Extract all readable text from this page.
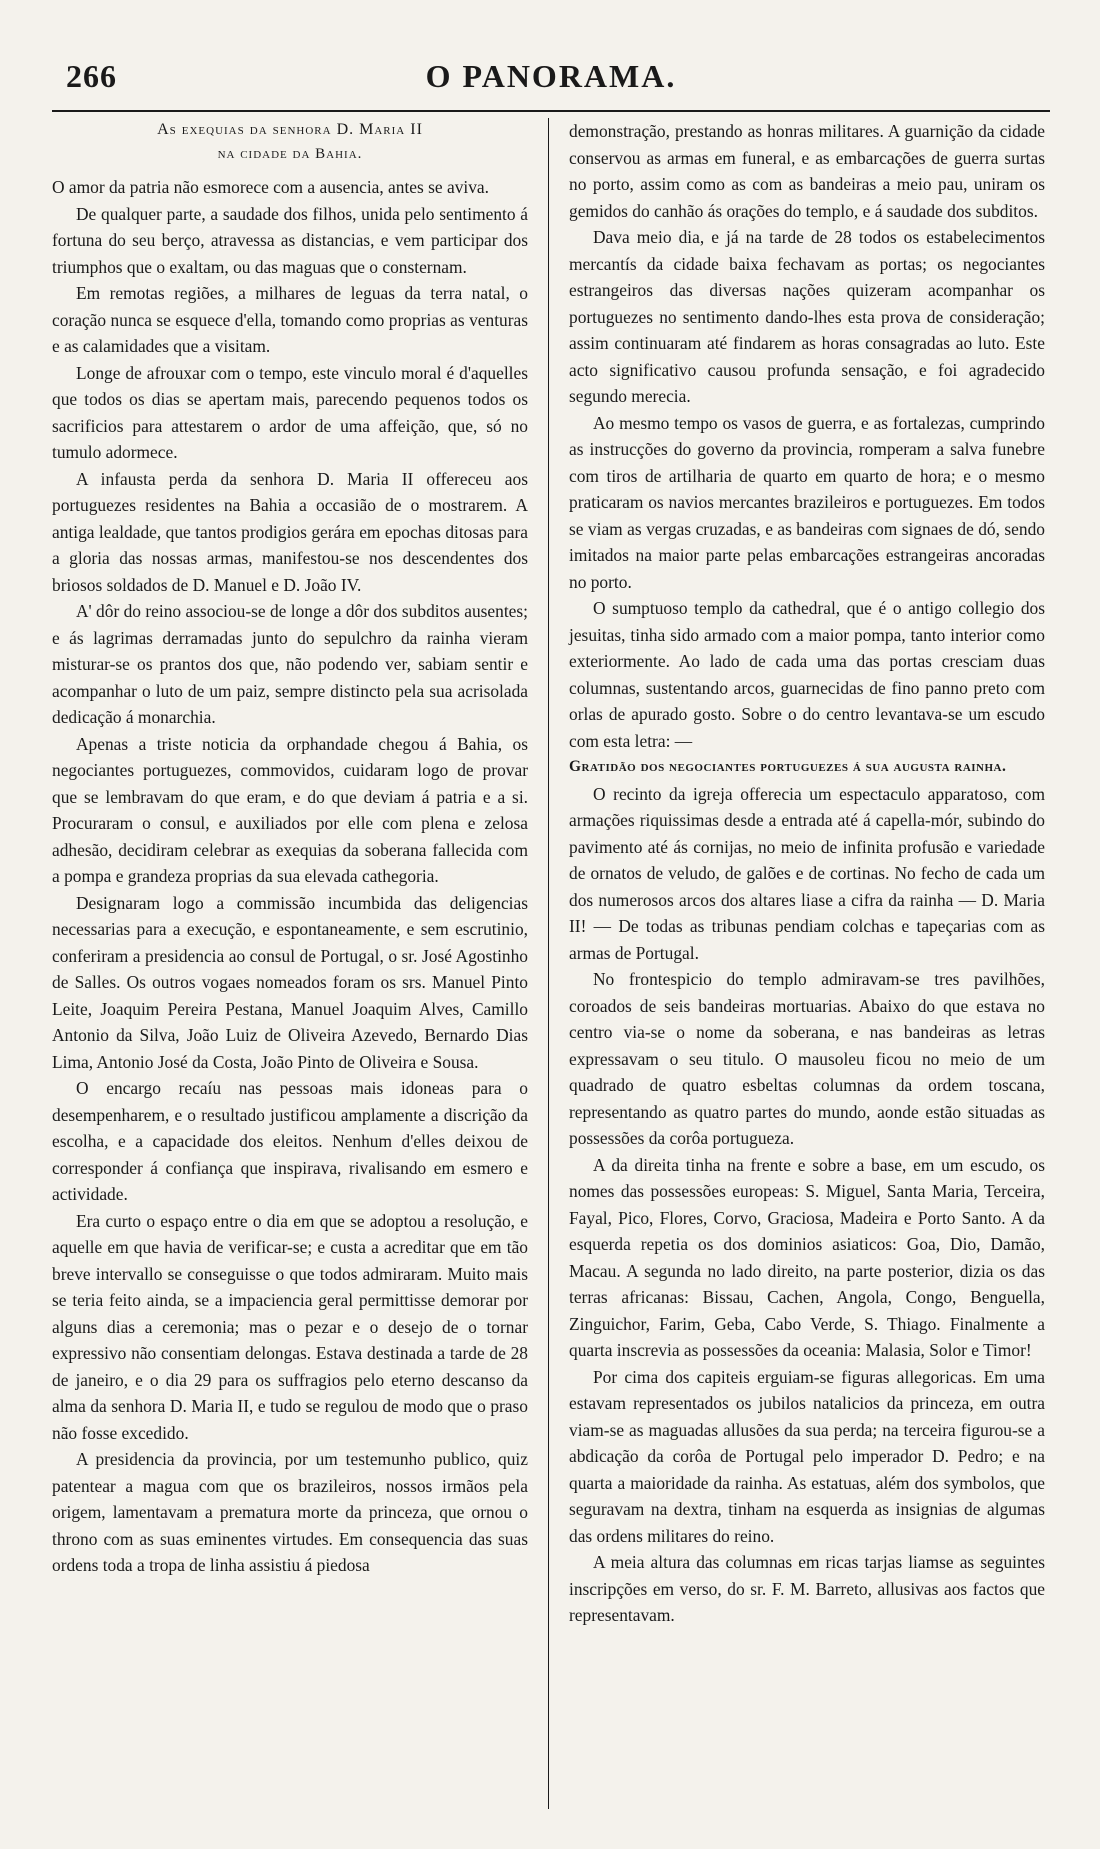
266	O PANORAMA.
As exequias da senhora D. Maria II
na cidade da Bahia.

O amor da patria não esmorece com a ausencia, antes se aviva.

De qualquer parte, a saudade dos filhos, unida pelo sentimento á fortuna do seu berço, atravessa as distancias, e vem participar dos triumphos que o exaltam, ou das maguas que o consternam.

Em remotas regiões, a milhares de leguas da terra natal, o coração nunca se esquece d'ella, tomando como proprias as venturas e as calamidades que a visitam.

Longe de afrouxar com o tempo, este vinculo moral é d'aquelles que todos os dias se apertam mais, parecendo pequenos todos os sacrificios para attestarem o ardor de uma affeição, que, só no tumulo adormece.

A infausta perda da senhora D. Maria II offereceu aos portuguezes residentes na Bahia a occasião de o mostrarem. A antiga lealdade, que tantos prodigios gerára em epochas ditosas para a gloria das nossas armas, manifestou-se nos descendentes dos briosos soldados de D. Manuel e D. João IV.

A' dôr do reino associou-se de longe a dôr dos subditos ausentes; e ás lagrimas derramadas junto do sepulchro da rainha vieram misturar-se os prantos dos que, não podendo ver, sabiam sentir e acompanhar o luto de um paiz, sempre distincto pela sua acrisolada dedicação á monarchia.

Apenas a triste noticia da orphandade chegou á Bahia, os negociantes portuguezes, commovidos, cuidaram logo de provar que se lembravam do que eram, e do que deviam á patria e a si. Procuraram o consul, e auxiliados por elle com plena e zelosa adhesão, decidiram celebrar as exequias da soberana fallecida com a pompa e grandeza proprias da sua elevada cathegoria.

Designaram logo a commissão incumbida das deligencias necessarias para a execução, e espontaneamente, e sem escrutinio, conferiram a presidencia ao consul de Portugal, o sr. José Agostinho de Salles. Os outros vogaes nomeados foram os srs. Manuel Pinto Leite, Joaquim Pereira Pestana, Manuel Joaquim Alves, Camillo Antonio da Silva, João Luiz de Oliveira Azevedo, Bernardo Dias Lima, Antonio José da Costa, João Pinto de Oliveira e Sousa.

O encargo recaíu nas pessoas mais idoneas para o desempenharem, e o resultado justificou amplamente a discrição da escolha, e a capacidade dos eleitos. Nenhum d'elles deixou de corresponder á confiança que inspirava, rivalisando em esmero e actividade.

Era curto o espaço entre o dia em que se adoptou a resolução, e aquelle em que havia de verificar-se; e custa a acreditar que em tão breve intervallo se conseguisse o que todos admiraram. Muito mais se teria feito ainda, se a impaciencia geral permittisse demorar por alguns dias a ceremonia; mas o pezar e o desejo de o tornar expressivo não consentiam delongas. Estava destinada a tarde de 28 de janeiro, e o dia 29 para os suffragios pelo eterno descanso da alma da senhora D. Maria II, e tudo se regulou de modo que o praso não fosse excedido.

A presidencia da provincia, por um testemunho publico, quiz patentear a magua com que os brazileiros, nossos irmãos pela origem, lamentavam a prematura morte da princeza, que ornou o throno com as suas eminentes virtudes. Em consequencia das suas ordens toda a tropa de linha assistiu á piedosa

demonstração, prestando as honras militares. A guarnição da cidade conservou as armas em funeral, e as embarcações de guerra surtas no porto, assim como as com as bandeiras a meio pau, uniram os gemidos do canhão ás orações do templo, e á saudade dos subditos.

Dava meio dia, e já na tarde de 28 todos os estabelecimentos mercantís da cidade baixa fechavam as portas; os negociantes estrangeiros das diversas nações quizeram acompanhar os portuguezes no sentimento dando-lhes esta prova de consideração; assim continuaram até findarem as horas consagradas ao luto. Este acto significativo causou profunda sensação, e foi agradecido segundo merecia.

Ao mesmo tempo os vasos de guerra, e as fortalezas, cumprindo as instrucções do governo da provincia, romperam a salva funebre com tiros de artilharia de quarto em quarto de hora; e o mesmo praticaram os navios mercantes brazileiros e portuguezes. Em todos se viam as vergas cruzadas, e as bandeiras com signaes de dó, sendo imitados na maior parte pelas embarcações estrangeiras ancoradas no porto.

O sumptuoso templo da cathedral, que é o antigo collegio dos jesuitas, tinha sido armado com a maior pompa, tanto interior como exteriormente. Ao lado de cada uma das portas cresciam duas columnas, sustentando arcos, guarnecidas de fino panno preto com orlas de apurado gosto. Sobre o do centro levantava-se um escudo com esta letra: —

Gratidão dos negociantes portuguezes á sua augusta rainha.

O recinto da igreja offerecia um espectaculo apparatoso, com armações riquissimas desde a entrada até á capella-mór, subindo do pavimento até ás cornijas, no meio de infinita profusão e variedade de ornatos de veludo, de galões e de cortinas. No fecho de cada um dos numerosos arcos dos altares liase a cifra da rainha — D. Maria II! — De todas as tribunas pendiam colchas e tapeçarias com as armas de Portugal.

No frontespicio do templo admiravam-se tres pavilhões, coroados de seis bandeiras mortuarias. Abaixo do que estava no centro via-se o nome da soberana, e nas bandeiras as letras expressavam o seu titulo. O mausoleu ficou no meio de um quadrado de quatro esbeltas columnas da ordem toscana, representando as quatro partes do mundo, aonde estão situadas as possessões da corôa portugueza.

A da direita tinha na frente e sobre a base, em um escudo, os nomes das possessões europeas: S. Miguel, Santa Maria, Terceira, Fayal, Pico, Flores, Corvo, Graciosa, Madeira e Porto Santo. A da esquerda repetia os dos dominios asiaticos: Goa, Dio, Damão, Macau. A segunda no lado direito, na parte posterior, dizia os das terras africanas: Bissau, Cachen, Angola, Congo, Benguella, Zinguichor, Farim, Geba, Cabo Verde, S. Thiago. Finalmente a quarta inscrevia as possessões da oceania: Malasia, Solor e Timor!

Por cima dos capiteis erguiam-se figuras allegoricas. Em uma estavam representados os jubilos natalicios da princeza, em outra viam-se as maguadas allusões da sua perda; na terceira figurou-se a abdicação da corôa de Portugal pelo imperador D. Pedro; e na quarta a maioridade da rainha. As estatuas, além dos symbolos, que seguravam na dextra, tinham na esquerda as insignias de algumas das ordens militares do reino.

A meia altura das columnas em ricas tarjas liamse as seguintes inscripções em verso, do sr. F. M. Barreto, allusivas aos factos que representavam.
